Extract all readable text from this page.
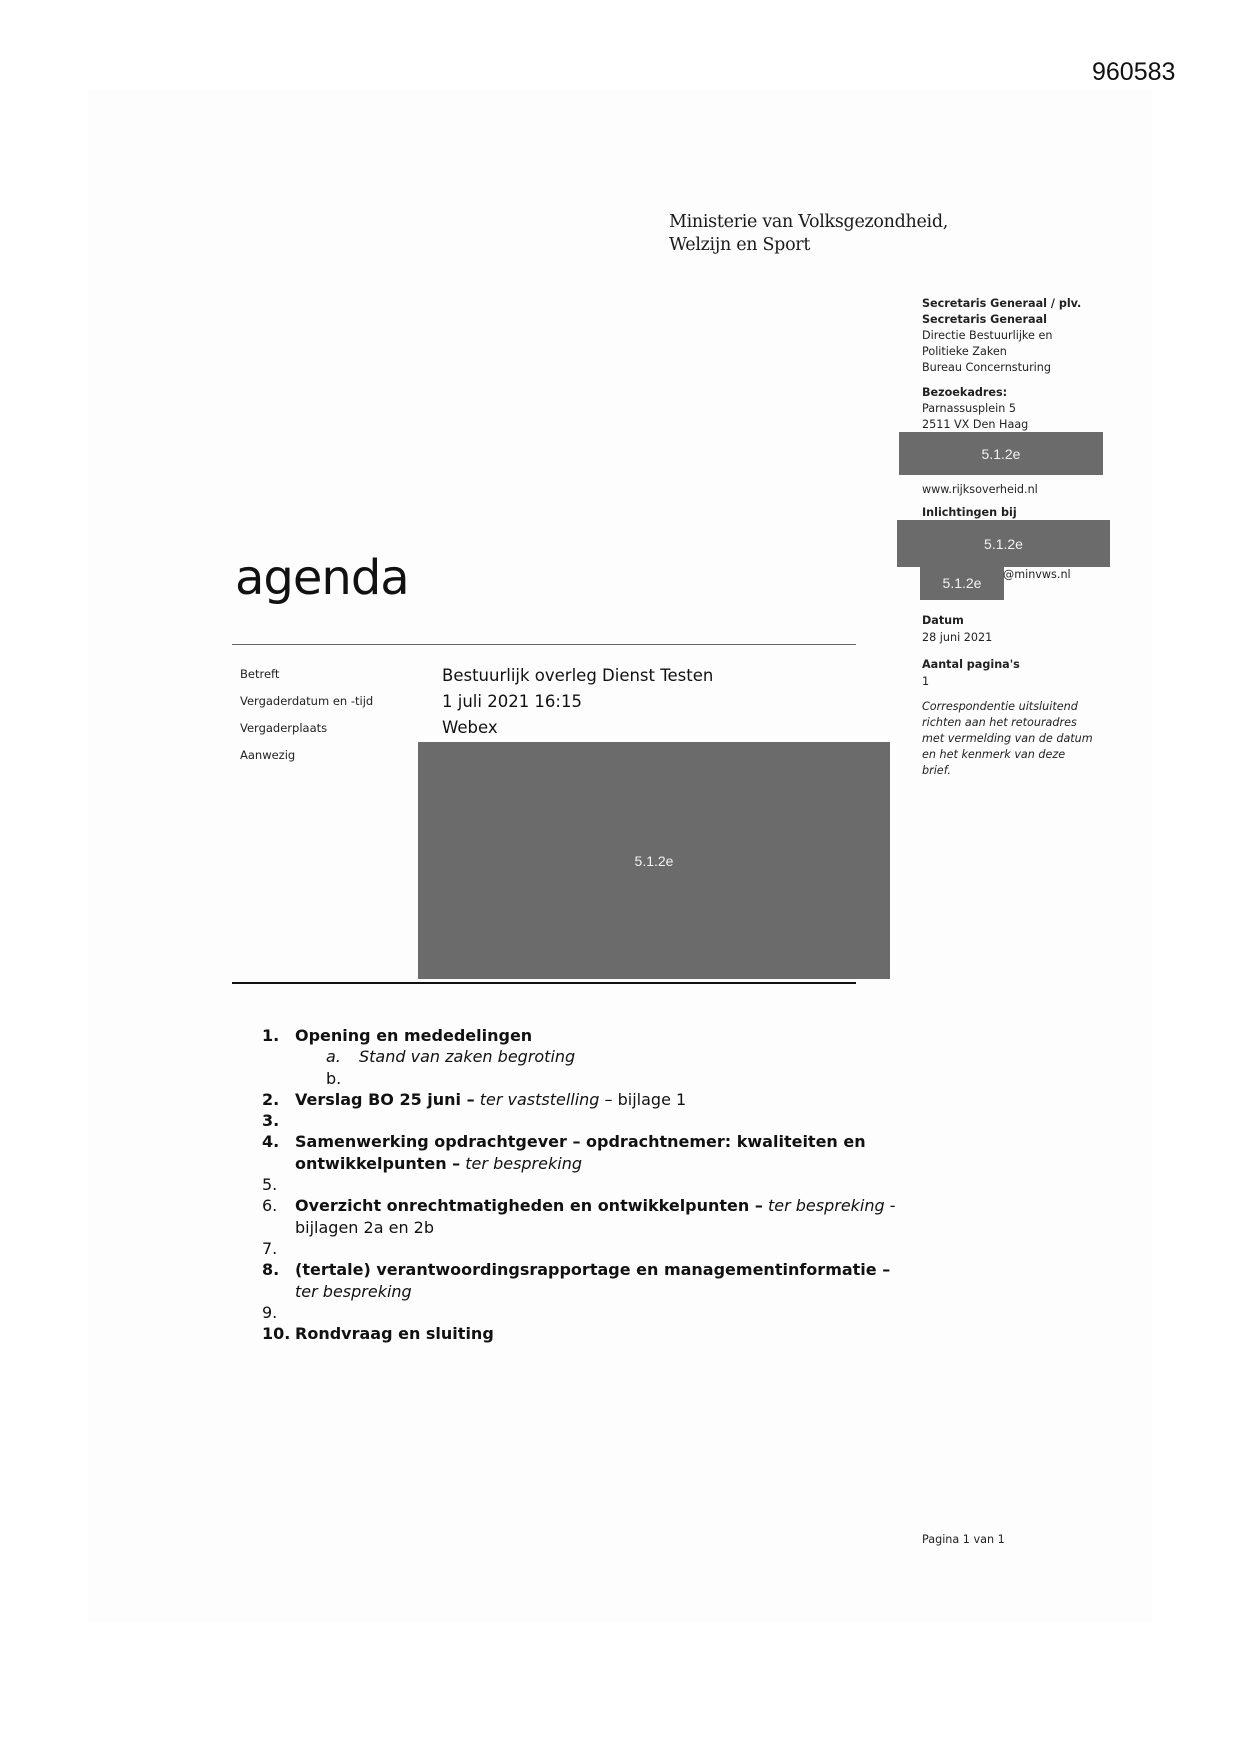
960583
Ministerie van Volksgezondheid,
Welzijn en Sport
Secretaris Generaal / plv.
Secretaris Generaal
Directie Bestuurlijke en
Politieke Zaken
Bureau Concernsturing
Bezoekadres:
Parnassusplein 5
2511 VX Den Haag
5.1.2e
www.rijksoverheid.nl
Inlichtingen bij
5.1.2e
5.1.2e
@minvws.nl
Datum
28 juni 2021
Aantal pagina's
1
Correspondentie uitsluitend
richten aan het retouradres
met vermelding van de datum
en het kenmerk van deze
brief.
agenda
Betreft	Bestuurlijk overleg Dienst Testen
Vergaderdatum en -tijd	1 juli 2021 16:15
Vergaderplaats	Webex
Aanwezig
5.1.2e
1. Opening en mededelingen
a. Stand van zaken begroting
b.

2. Verslag BO 25 juni – ter vaststelling – bijlage 1
3.

4. Samenwerking opdrachtgever – opdrachtnemer: kwaliteiten en
ontwikkelpunten – ter bespreking
5.

6. Overzicht onrechtmatigheden en ontwikkelpunten – ter bespreking -
bijlagen 2a en 2b
7.

8. (tertale) verantwoordingsrapportage en managementinformatie –
ter bespreking
9.

10. Rondvraag en sluiting
Pagina 1 van 1
